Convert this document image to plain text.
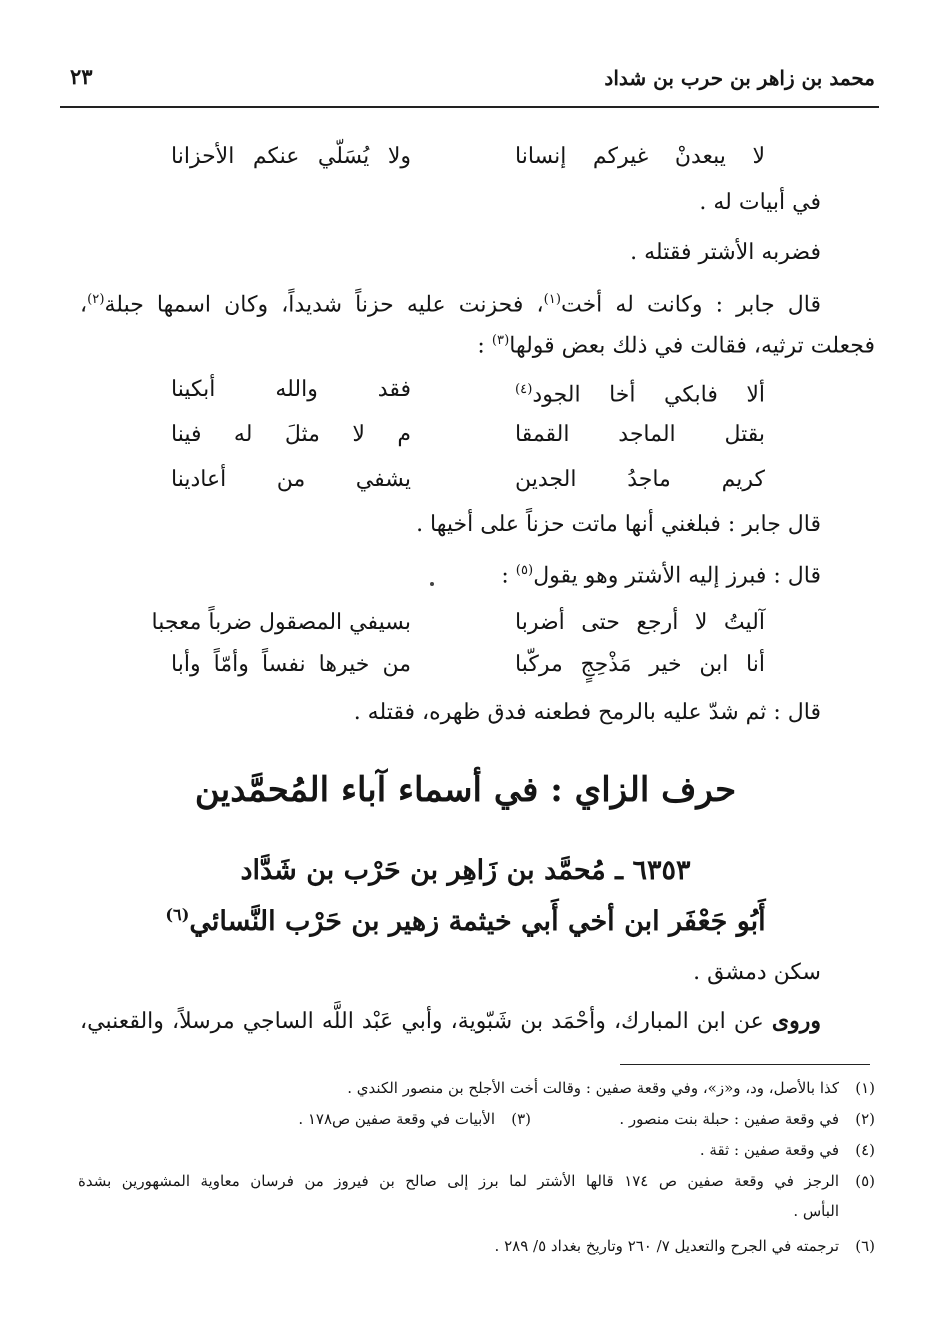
محمد بن زاهر بن حرب بن شداد
٢٣
لا يبعدنْ غيركم إنسانا
ولا يُسَلّي عنكم الأحزانا
في أبيات له .
فضربه الأشتر فقتله .
قال جابر : وكانت له أخت$^{(١)}$، فحزنت عليه حزناً شديداً، وكان اسمها جبلة$^{(٢)}$،
فجعلت ترثيه، فقالت في ذلك بعض قولها$^{(٣)}$ :
ألا فابكي أخا الجود$^{(٤)}$
فقد والله أبكينا
بقتل الماجد القمقا
م لا مثلَ له فينا
كريم ماجدُ الجدين
يشفي من أعادينا
قال جابر : فبلغني أنها ماتت حزناً على أخيها .
قال : فبرز إليه الأشتر وهو يقول$^{(٥)}$ :
آليتُ لا أرجع حتى أضربا
بسيفي المصقول ضرباً معجبا
أنا ابن خير مَذْحِجٍ مركّبا
من خيرها نفساً وأمّاً وأبا
قال : ثم شدّ عليه بالرمح فطعنه فدق ظهره، فقتله .
حرف الزاي : في أسماء آباء المُحمَّدين
٦٣٥٣ ـ مُحمَّد بن زَاهِر بن حَرْب بن شَدَّاد
أَبُو جَعْفَر ابن أخي أَبي خيثمة زهير بن حَرْب النَّسائي$^{(٦)}$
سكن دمشق .
وروى عن ابن المبارك، وأحْمَد بن شَبّوية، وأبي عَبْد اللَّه الساجي مرسلاً، والقعنبي،
(١)كذا بالأصل، ود، و«ز»، وفي وقعة صفين : وقالت أخت الأجلح بن منصور الكندي .
(٢)في وقعة صفين : حبلة بنت منصور .
(٣)الأبيات في وقعة صفين ص١٧٨ .
(٤)في وقعة صفين : ثقة .
(٥)الرجز في وقعة صفين ص ١٧٤ قالها الأشتر لما برز إلى صالح بن فيروز من فرسان معاوية المشهورين بشدة
البأس .
(٦)ترجمته في الجرح والتعديل ٧/ ٢٦٠ وتاريخ بغداد ٥/ ٢٨٩ .
